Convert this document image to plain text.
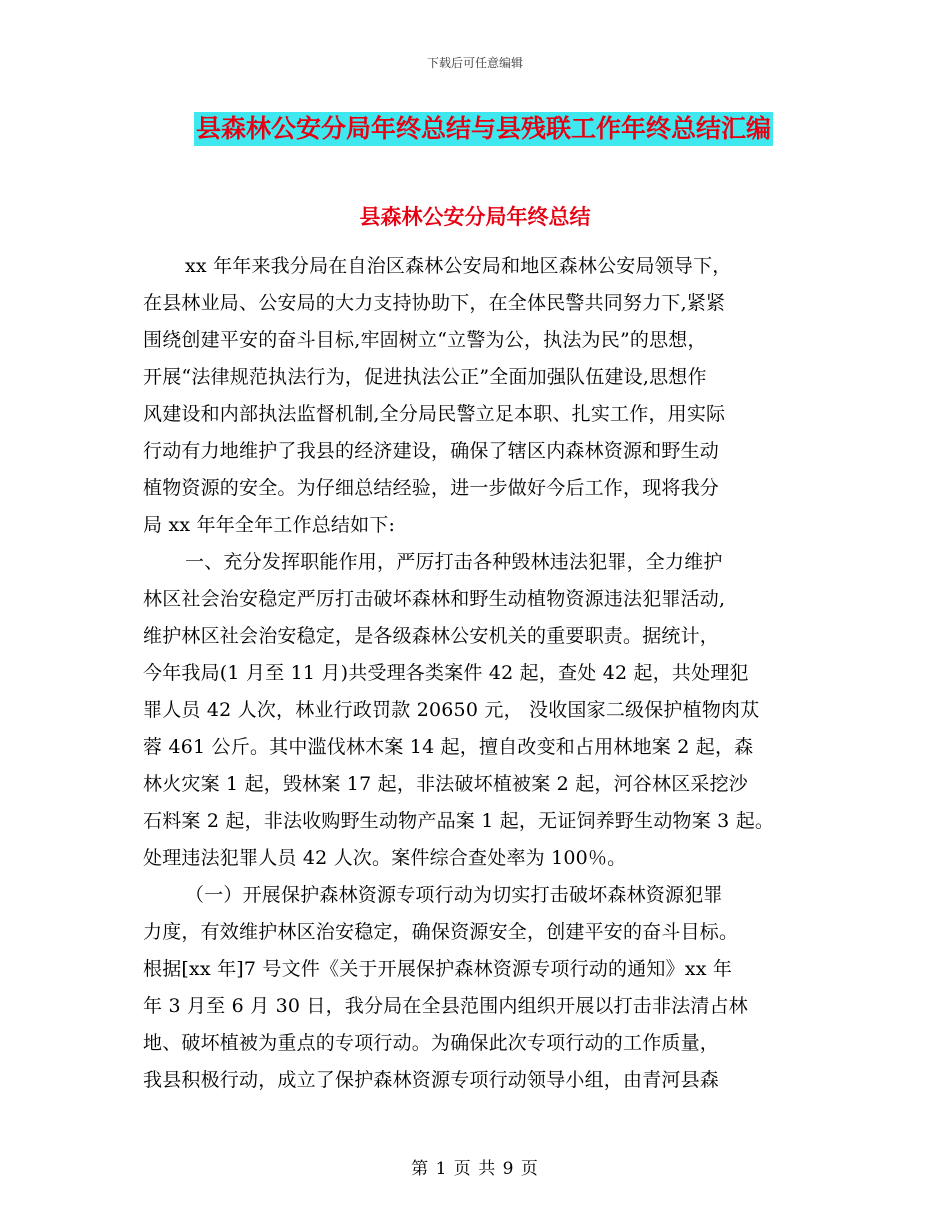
下载后可任意编辑
县森林公安分局年终总结与县残联工作年终总结汇编
县森林公安分局年终总结
xx 年年来我分局在自治区森林公安局和地区森林公安局领导下，
在县林业局、公安局的大力支持协助下，在全体民警共同努力下,紧紧
围绕创建平安的奋斗目标,牢固树立“立警为公，执法为民”的思想，
开展“法律规范执法行为，促进执法公正”全面加强队伍建设,思想作
风建设和内部执法监督机制,全分局民警立足本职、扎实工作，用实际
行动有力地维护了我县的经济建设，确保了辖区内森林资源和野生动
植物资源的安全。为仔细总结经验，进一步做好今后工作，现将我分
局 xx 年年全年工作总结如下:
一、充分发挥职能作用，严厉打击各种毁林违法犯罪，全力维护
林区社会治安稳定严厉打击破坏森林和野生动植物资源违法犯罪活动,
维护林区社会治安稳定，是各级森林公安机关的重要职责。据统计，
今年我局(1 月至 11 月)共受理各类案件 42 起，查处 42 起，共处理犯
罪人员 42 人次，林业行政罚款 20650 元， 没收国家二级保护植物肉苁
蓉 461 公斤。其中滥伐林木案 14 起，擅自改变和占用林地案 2 起，森
林火灾案 1 起，毁林案 17 起，非法破坏植被案 2 起，河谷林区采挖沙
石料案 2 起，非法收购野生动物产品案 1 起，无证饲养野生动物案 3 起。
处理违法犯罪人员 42 人次。案件综合查处率为 100％。
（一）开展保护森林资源专项行动为切实打击破坏森林资源犯罪
力度，有效维护林区治安稳定，确保资源安全，创建平安的奋斗目标。
根据[xx 年]7 号文件《关于开展保护森林资源专项行动的通知》xx 年
年 3 月至 6 月 30 日，我分局在全县范围内组织开展以打击非法清占林
地、破坏植被为重点的专项行动。为确保此次专项行动的工作质量，
我县积极行动，成立了保护森林资源专项行动领导小组，由青河县森
第 1 页 共 9 页
